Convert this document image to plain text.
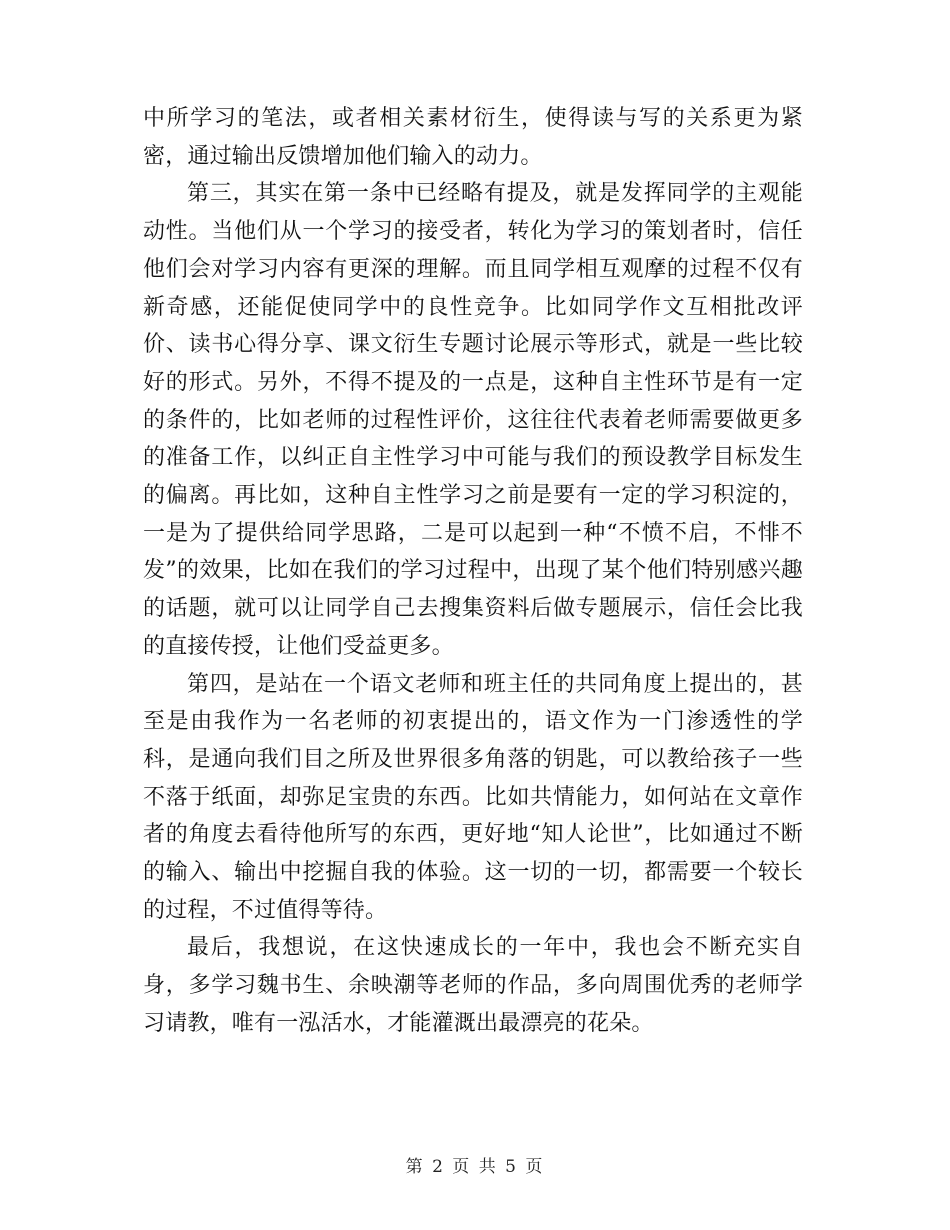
中所学习的笔法，或者相关素材衍生，使得读与写的关系更为紧密，通过输出反馈增加他们输入的动力。

第三，其实在第一条中已经略有提及，就是发挥同学的主观能动性。当他们从一个学习的接受者，转化为学习的策划者时，信任他们会对学习内容有更深的理解。而且同学相互观摩的过程不仅有新奇感，还能促使同学中的良性竞争。比如同学作文互相批改评价、读书心得分享、课文衍生专题讨论展示等形式，就是一些比较好的形式。另外，不得不提及的一点是，这种自主性环节是有一定的条件的，比如老师的过程性评价，这往往代表着老师需要做更多的准备工作，以纠正自主性学习中可能与我们的预设教学目标发生的偏离。再比如，这种自主性学习之前是要有一定的学习积淀的，一是为了提供给同学思路，二是可以起到一种“不愤不启，不悱不发”的效果，比如在我们的学习过程中，出现了某个他们特别感兴趣的话题，就可以让同学自己去搜集资料后做专题展示，信任会比我的直接传授，让他们受益更多。

第四，是站在一个语文老师和班主任的共同角度上提出的，甚至是由我作为一名老师的初衷提出的，语文作为一门渗透性的学科，是通向我们目之所及世界很多角落的钥匙，可以教给孩子一些不落于纸面，却弥足宝贵的东西。比如共情能力，如何站在文章作者的角度去看待他所写的东西，更好地“知人论世”，比如通过不断的输入、输出中挖掘自我的体验。这一切的一切，都需要一个较长的过程，不过值得等待。

最后，我想说，在这快速成长的一年中，我也会不断充实自身，多学习魏书生、余映潮等老师的作品，多向周围优秀的老师学习请教，唯有一泓活水，才能灌溉出最漂亮的花朵。

第 2 页 共 5 页
